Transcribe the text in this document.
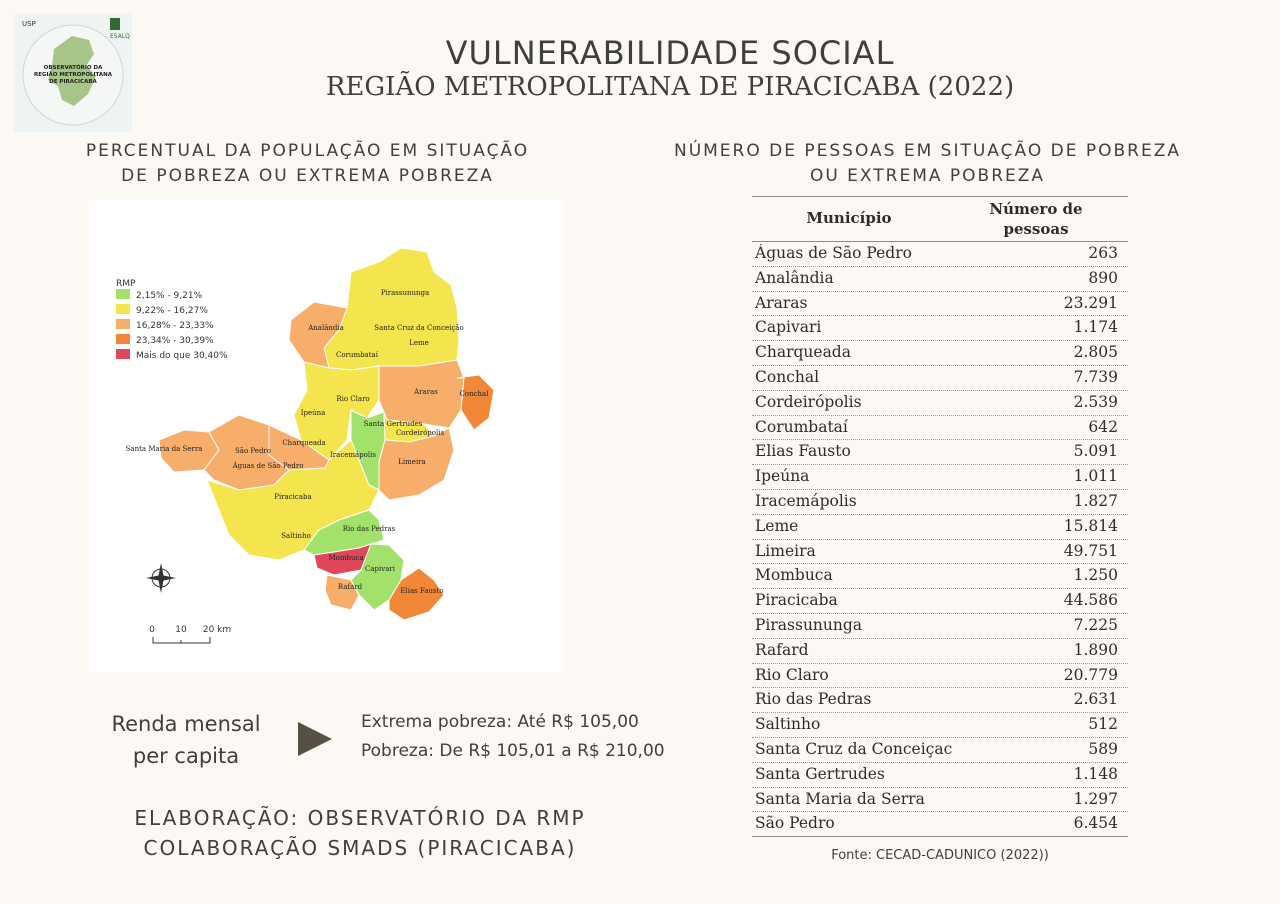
USP
ESALQ
OBSERVATÓRIO DA
REGIÃO METROPOLITANA
DE PIRACICABA
VULNERABILIDADE SOCIAL
REGIÃO METROPOLITANA DE PIRACICABA (2022)
PERCENTUAL DA POPULAÇÃO EM SITUAÇÃO
DE POBREZA OU EXTREMA POBREZA
NÚMERO DE PESSOAS EM SITUAÇÃO DE POBREZA
OU EXTREMA POBREZA
RMP
2,15% - 9,21%
9,22% - 16,27%
16,28% - 23,33%
23,34% - 30,39%
Mais do que 30,40%
Pirassununga
Analândia	Santa Cruz da Conceição
Leme
Corumbataí
Araras	Conchal
Rio Claro
Ipeúna
Santa Gertrudes
Cordeirópolis
Charqueada
Santa Maria da Serra	São Pedro
Águas de São Pedro
Iracemápolis
Limeira
Piracicaba
Rio das Pedras
Saltinho
Mombuca
Capivari
Rafard	Elias Fausto
0 10 20 km
Renda mensal
per capita
Extrema pobreza: Até R$ 105,00
Pobreza: De R$ 105,01 a R$ 210,00
ELABORAÇÃO: OBSERVATÓRIO DA RMP
COLABORAÇÃO SMADS (PIRACICABA)
Município	Número de
pessoas
Águas de São Pedro	263
Analândia	890
Araras	23.291
Capivari	1.174
Charqueada	2.805
Conchal	7.739
Cordeirópolis	2.539
Corumbataí	642
Elias Fausto	5.091
Ipeúna	1.011
Iracemápolis	1.827
Leme	15.814
Limeira	49.751
Mombuca	1.250
Piracicaba	44.586
Pirassununga	7.225
Rafard	1.890
Rio Claro	20.779
Rio das Pedras	2.631
Saltinho	512
Santa Cruz da Conceiçac	589
Santa Gertrudes	1.148
Santa Maria da Serra	1.297
São Pedro	6.454
Fonte: CECAD-CADUNICO (2022))
